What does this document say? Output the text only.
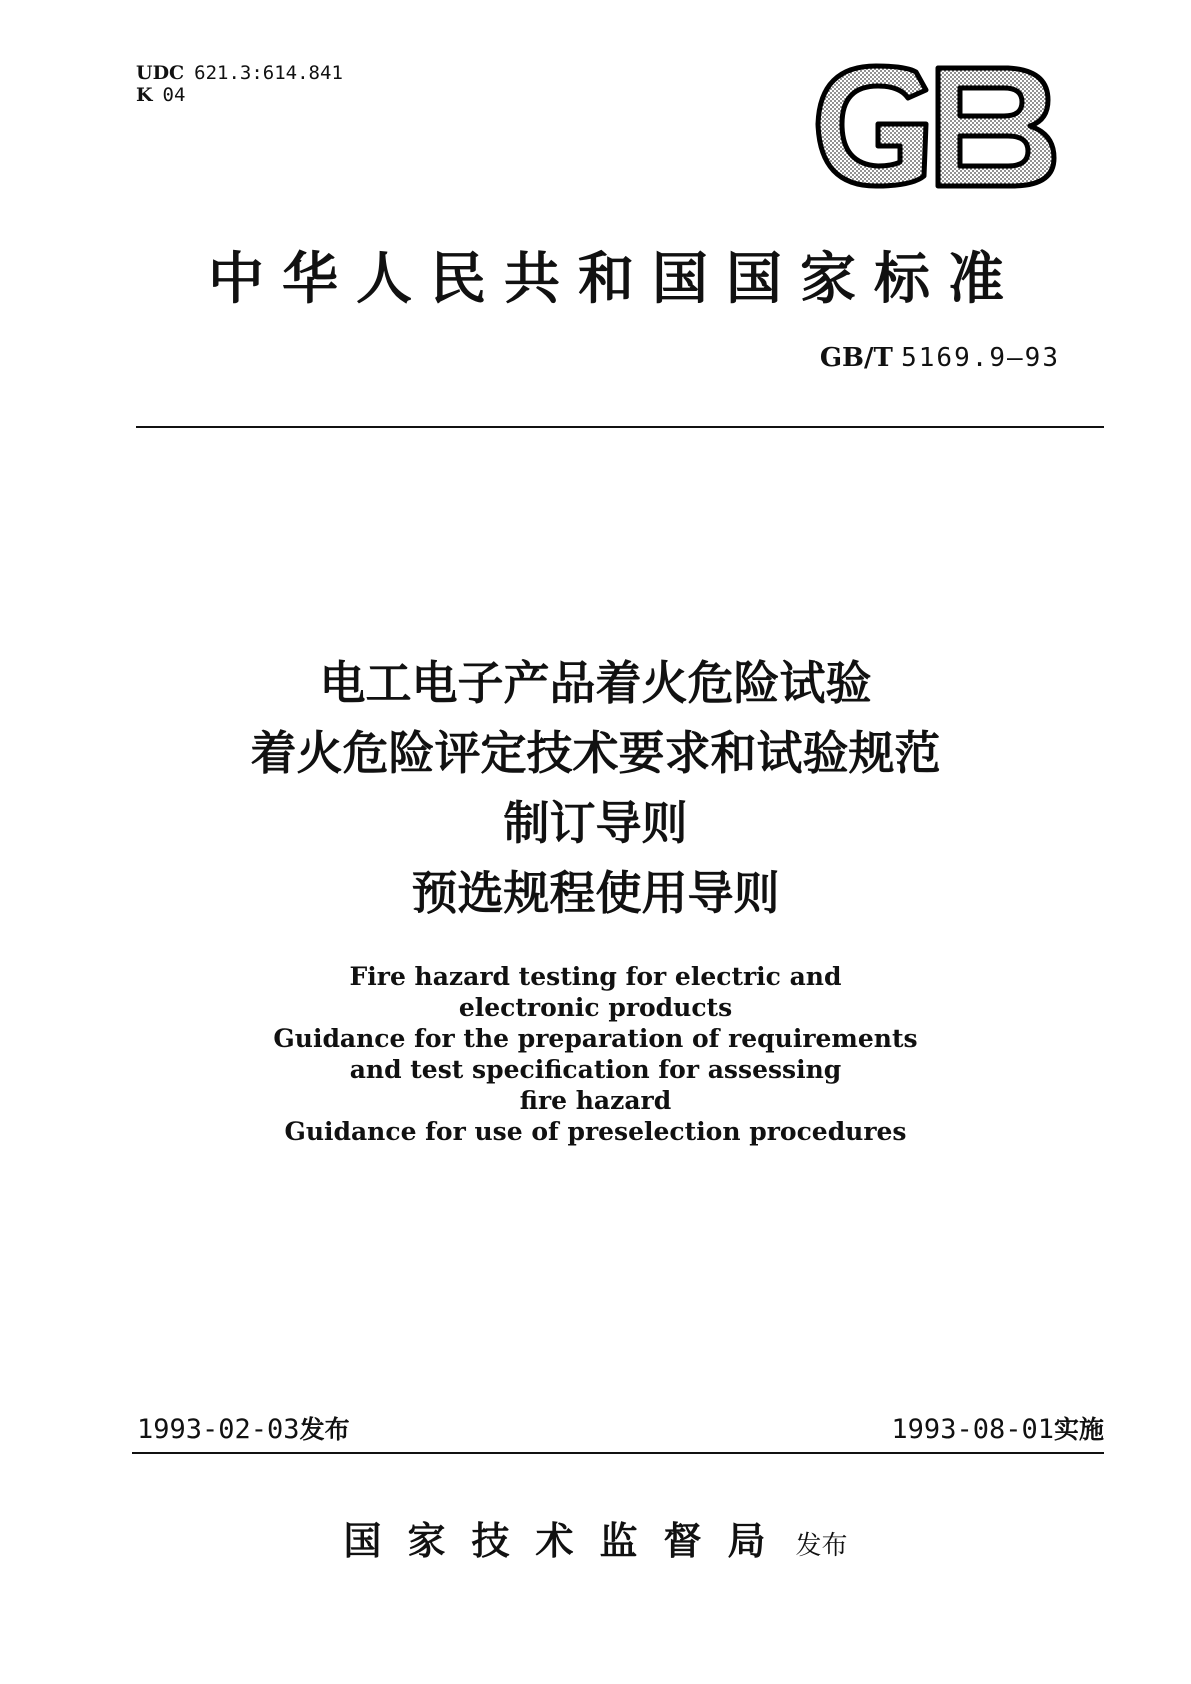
UDC 621.3:614.841
K 04
中华人民共和国国家标准
GB/T 5169.9—93
电工电子产品着火危险试验
着火危险评定技术要求和试验规范
制订导则
预选规程使用导则
Fire hazard testing for electric and
electronic products
Guidance for the preparation of requirements
and test specification for assessing
fire hazard
Guidance for use of preselection procedures
1993-02-03发布	1993-08-01实施
国家技术监督局 发布
